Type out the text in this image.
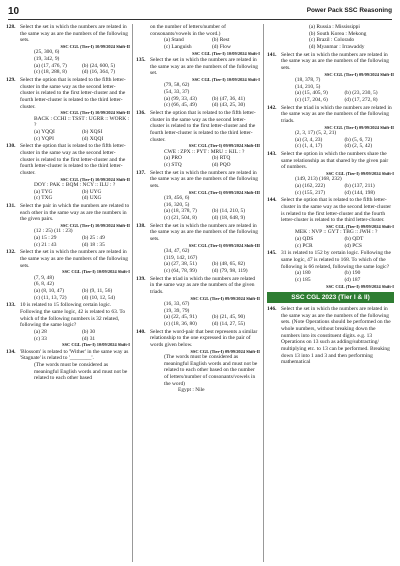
10	Power Pack SSC Reasoning
128. Select the set in which the numbers are related in the same way as are the numbers of the following sets.
SSC CGL (Tier-I) 10/09/2024 Shift-II
(25, 300, 6)
(19, 342, 9)
(a) (17, 476, 7)	(b) (24, 600, 5)
(c) (18, 288, 8)	(d) (16, 364, 7)
129. Select the option that is related to the fifth letter-cluster in the same way as the second letter-cluster is related to the first letter-cluster and the fourth letter-cluster is related to the third letter-cluster.
SSC CGL (Tier-I) 10/09/2024 Shift-II
BACK : CCHI :: TSST : UGRR :: WORK : ?
(a) YQQI	(b) XQSI
(c) YQPI	(d) XQQI
130. Select the option that is related to the fifth letter-cluster in the same way as the second letter-cluster is related to the first letter-cluster and the fourth letter-cluster is related to the third letter-cluster.
SSC CGL (Tier-I) 10/09/2024 Shift-II
DOY : PAK :: BQM : NCY :: ILU : ?
(a) TYG	(b) UYG
(c) TXG	(d) UXG
131. Select the pair in which the numbers are related to each other in the same way as are the numbers in the given pairs.
SSC CGL (Tier-I) 10/09/2024 Shift-II
(12 : 25) (11 : 23)
(a) 15 : 29	(b) 25 : 49
(c) 21 : 43	(d) 18 : 35
132. Select the set in which the numbers are related in the same way as are the numbers of the following sets.
SSC CGL (Tier-I) 10/09/2024 Shift-I
(7, 9, 48)
(6, 8, 42)
(a) (8, 10, 47)	(b) (9, 11, 56)
(c) (11, 13, 72)	(d) (10, 12, 54)
133. 10 is related to 15 following certain logic. Following the same logic, 42 is related to 63. To which of the following numbers is 32 related, following the same logic?
(a) 28	(b) 30
(c) 33	(d) 31
SSC CGL (Tier-I) 10/09/2024 Shift-I
134. 'Blossom' is related to 'Wither' in the same way as 'Stagnate' is related to '________'.
(The words must be considered as meaningful English words and must not be related to each other based
on the number of letters/number of consonants/vowels in the word.)
(a) Stand	(b) Rest
(c) Languish	(d) Flow
SSC CGL (Tier-I) 10/09/2024 Shift-I
135. Select the set in which the numbers are related in the same way as are the numbers of the following set.
SSC CGL (Tier-I) 10/09/2024 Shift-I
(79, 58, 62)
(54, 33, 37)
(a) (99, 33, 43)	(b) (47, 36, 41)
(c) (66, 45, 49)	(d) (43, 25, 30)
136. Select the option that is related to the fifth letter-cluster in the same way as the second letter-cluster is related to the first letter-cluster and the fourth letter-cluster is related to the third letter-cluster.
SSC CGL (Tier-I) 09/09/2024 Shift-III
CWE : ZPX :: PYT : MRU :: KIL : ?
(a) PRO	(b) RTQ
(c) STQ	(d) PQO
137. Select the set in which the numbers are related in the same way as are the numbers of the following sets.
SSC CGL (Tier-I) 09/09/2024 Shift-III
(19, 456, 6)
(16, 320, 5)
(a) (18, 378, 7)	(b) (14, 210, 5)
(c) (21, 504, 8)	(d) (18, 648, 9)
138. Select the set in which the numbers are related in the same way as are the numbers of the following sets.
SSC CGL (Tier-I) 09/09/2024 Shift-III
(34, 47, 62)
(119, 142, 167)
(a) (27, 38, 51)	(b) (48, 65, 82)
(c) (64, 78, 99)	(d) (79, 98, 119)
139. Select the triad in which the numbers are related in the same way as are the numbers of the given triads.
SSC CGL (Tier-I) 09/09/2024 Shift-II
(16, 33, 67)
(19, 39, 79)
(a) (22, 45, 91)	(b) (21, 45, 90)
(c) (18, 36, 80)	(d) (14, 27, 55)
140. Select the word-pair that best represents a similar relationship to the one expressed in the pair of words given below.
SSC CGL (Tier-I) 09/09/2024 Shift-II
(The words must be considered as meaningful English words and must not be related to each other based on the number of letters/number of consonants/vowels in the word)
Egypt : Nile
(a) Russia : Mississippi
(b) South Korea : Mekong
(c) Brazil : Colorado
(d) Myanmar : Irrawaddy
141. Select the set in which the numbers are related in the same way as are the numbers of the following sets.
SSC CGL (Tier-I) 09/09/2024 Shift-II
(18, 378, 7)
(14, 210, 5)
(a) (15, 405, 9)	(b) (23, 230, 5)
(c) (17, 204, 6)	(d) (17, 272, 8)
142. Select the triad in which the numbers are related in the same way as are the numbers of the following triads.
SSC CGL (Tier-I) 09/09/2024 Shift-II
(2, 3, 17) (5, 2, 21)
(a) (3, 4, 23)	(b) (5, 6, 72)
(c) (1, 4, 17)	(d) (2, 5, 42)
143. Select the option in which the numbers share the same relationship as that shared by the given pair of numbers.
SSC CGL (Tier-I) 09/09/2024 Shift-I
(149, 213) (168, 232)
(a) (162, 222)	(b) (137, 211)
(c) (155, 217)	(d) (144, 198)
144. Select the option that is related to the fifth letter-cluster in the same way as the second letter-cluster is related to the first letter-cluster and the fourth letter-cluster is related to the third letter-cluster.
SSC CGL (Tier-I) 09/09/2024 Shift-I
MEK : NVP :: GYT : TBG :: JWH : ?
(a) QDS	(b) QDT
(c) PCR	(d) PCS
145. 31 is related to 152 by certain logic. Following the same logic, 47 is related to 168. To which of the following is 66 related, following the same logic?
(a) 180	(b) 190
(c) 185	(d) 187
SSC CGL (Tier-I) 09/09/2024 Shift-I
SSC CGL 2023 (Tier I & II)
146. Select the set in which the numbers are related in the same way as are the numbers of the following sets. (Note Operations should be performed on the whole numbers, without breaking down the numbers into its constituent digits. e.g. 13 Operations on 13 such as adding/subtracting/ multiplying etc. to 13 can be performed. Breaking down 13 into 1 and 3 and then performing mathematical
